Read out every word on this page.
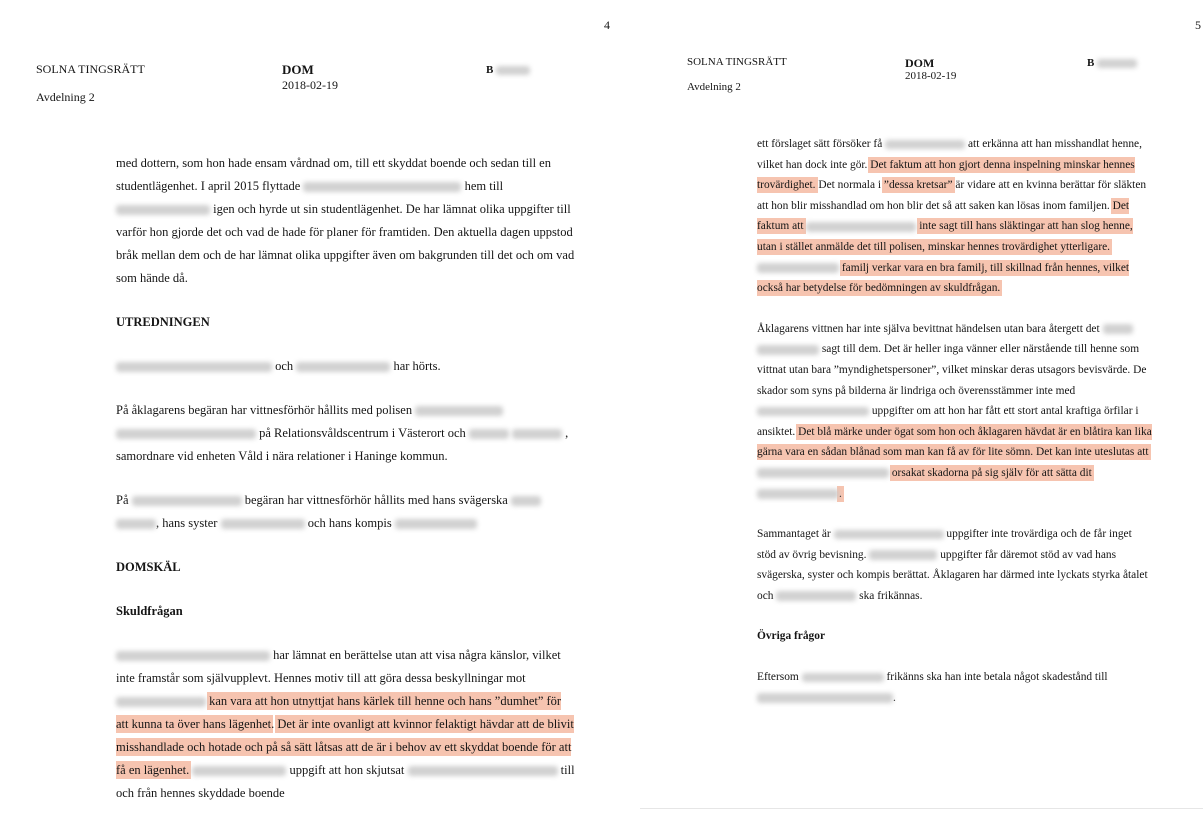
4
SOLNA TINGSRÄTT
Avdelning 2
DOM
2018-02-19
B

med dottern, som hon hade ensam vårdnad om, till ett skyddat boende och sedan till en studentlägenhet. I april 2015 flyttade	hem till  igen och hyrde ut sin studentlägenhet. De har lämnat olika uppgifter till varför hon gjorde det och vad de hade för planer för framtiden. Den aktuella dagen uppstod bråk mellan dem och de har lämnat olika uppgifter även om bakgrunden till det och om vad som hände då.

UTREDNINGEN

och	har hörts.

På åklagarens begäran har vittnesförhör hållits med polisen   på Relationsvåldscentrum i Västerort och	, samordnare vid enheten Våld i nära relationer i Haninge kommun.

På	begäran har vittnesförhör hållits med hans svägerska  , hans syster	och hans kompis

DOMSKÄL

Skuldfrågan

har lämnat en berättelse utan att visa några känslor, vilket inte framstår som självupplevt. Hennes motiv till att göra dessa beskyllningar mot  kan vara att hon utnyttjat hans kärlek till henne och hans ”dumhet” för att kunna ta över hans lägenhet. Det är inte ovanligt att kvinnor felaktigt hävdar att de blivit misshandlade och hotade och på så sätt låtsas att de är i behov av ett skyddat boende för att få en lägenhet.	uppgift att hon skjutsat	till och från hennes skyddade boende

5
SOLNA TINGSRÄTT
Avdelning 2
DOM
2018-02-19
B

ett förslaget sätt försöker få	att erkänna att han misshandlat henne, vilket han dock inte gör. Det faktum att hon gjort denna inspelning minskar hennes trovärdighet. Det normala i ”dessa kretsar” är vidare att en kvinna berättar för släkten att hon blir misshandlad om hon blir det så att saken kan lösas inom familjen. Det faktum att	inte sagt till hans släktingar att han slog henne, utan i stället anmälde det till polisen, minskar hennes trovärdighet ytterligare.  familj verkar vara en bra familj, till skillnad från hennes, vilket också har betydelse för bedömningen av skuldfrågan.

Åklagarens vittnen har inte själva bevittnat händelsen utan bara återgett det   sagt till dem. Det är heller inga vänner eller närstående till henne som vittnat utan bara ”myndighetspersoner”, vilket minskar deras utsagors bevisvärde. De skador som syns på bilderna är lindriga och överensstämmer inte med  uppgifter om att hon har fått ett stort antal kraftiga örfilar i ansiktet. Det blå märke under ögat som hon och åklagaren hävdat är en blåtira kan lika gärna vara en sådan blånad som man kan få av för lite sömn. Det kan inte uteslutas att  orsakat skadorna på sig själv för att sätta dit .

Sammantaget är	uppgifter inte trovärdiga och de får inget stöd av övrig bevisning.	uppgifter får däremot stöd av vad hans svägerska, syster och kompis berättat. Åklagaren har därmed inte lyckats styrka åtalet och	ska frikännas.

Övriga frågor

Eftersom	frikänns ska han inte betala något skadestånd till .
